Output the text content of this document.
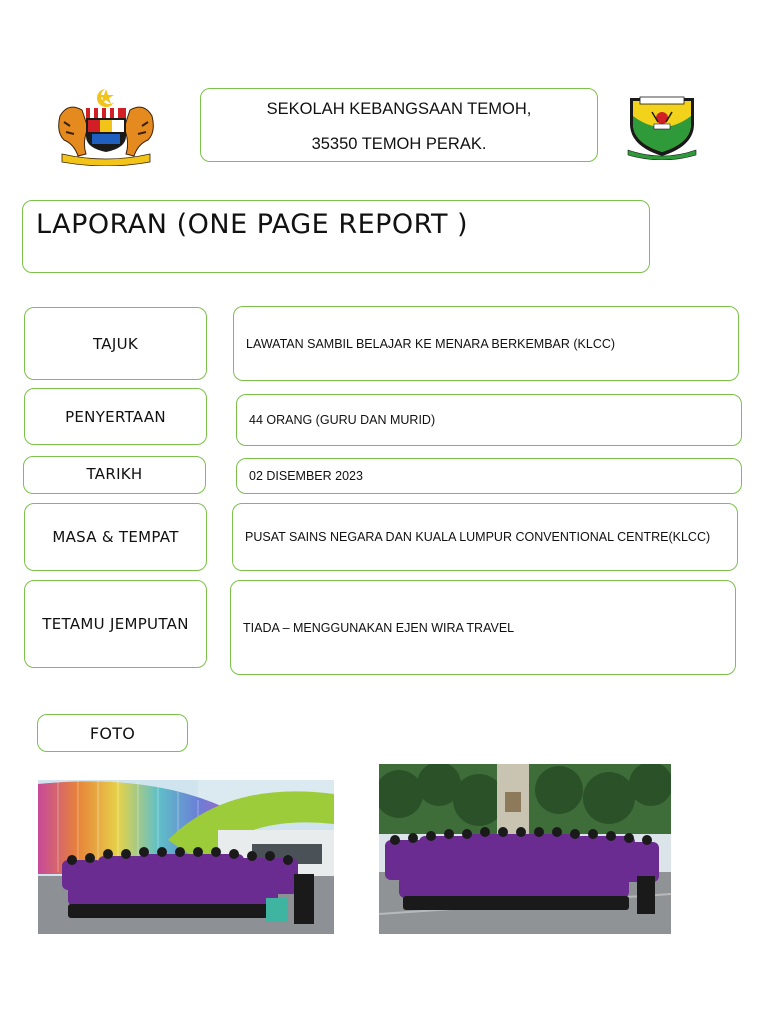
SEKOLAH KEBANGSAAN TEMOH,
35350 TEMOH PERAK.
LAPORAN (ONE PAGE REPORT )
TAJUK	LAWATAN SAMBIL BELAJAR KE MENARA BERKEMBAR (KLCC)
PENYERTAAN	44 ORANG (GURU DAN MURID)
TARIKH	02 DISEMBER 2023
MASA & TEMPAT	PUSAT SAINS NEGARA DAN KUALA LUMPUR CONVENTIONAL CENTRE(KLCC)
TETAMU JEMPUTAN	TIADA – MENGGUNAKAN EJEN WIRA TRAVEL
FOTO
